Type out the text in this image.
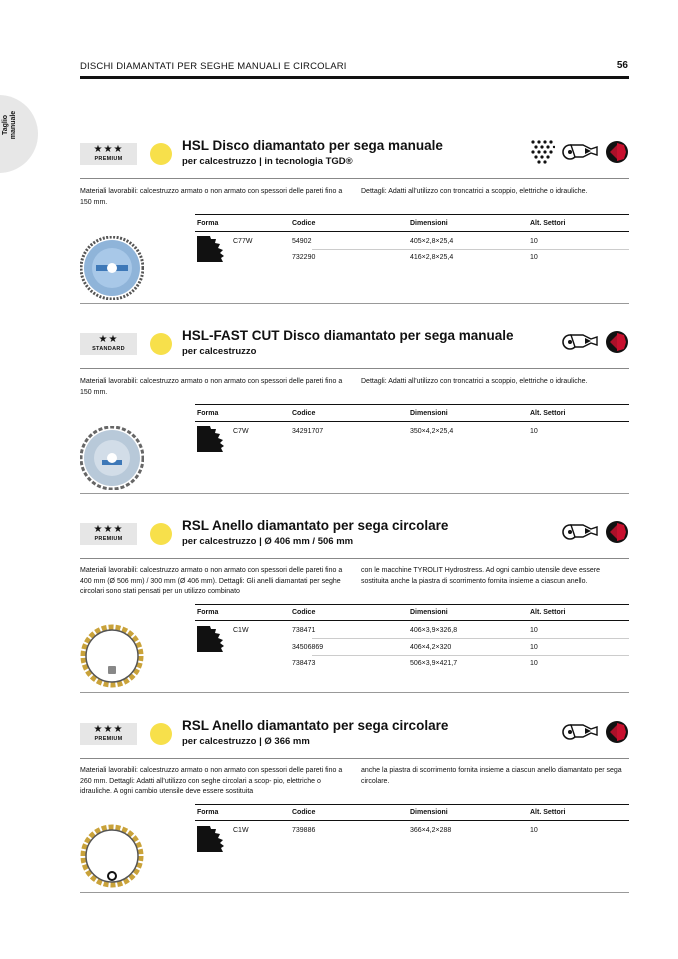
DISCHI DIAMANTATI PER SEGHE MANUALI E CIRCOLARI	56
Taglio manuale
★★★
PREMIUM
HSL Disco diamantato per sega manuale
per calcestruzzo | in tecnologia TGD®
Materiali lavorabili: calcestruzzo armato o non armato con spessori delle pareti fino a 150 mm.
Dettagli: Adatti all’utilizzo con troncatrici a scoppio, elettriche o idrauliche.
Forma	Codice	Dimensioni	Alt. Settori
C77W	54902	405×2,8×25,4	10
732290	416×2,8×25,4	10
★★
STANDARD
HSL-FAST CUT Disco diamantato per sega manuale
per calcestruzzo
Materiali lavorabili: calcestruzzo armato o non armato con spessori delle pareti fino a 150 mm.
Dettagli: Adatti all’utilizzo con troncatrici a scoppio, elettriche o idrauliche.
Forma	Codice	Dimensioni	Alt. Settori
C7W	34291707	350×4,2×25,4	10
★★★
PREMIUM
RSL Anello diamantato per sega circolare
per calcestruzzo | Ø 406 mm / 506 mm
Materiali lavorabili: calcestruzzo armato o non armato con spessori delle pareti fino a 400 mm (Ø 506 mm) / 300 mm (Ø 406 mm). Dettagli: Gli anelli diamantati per seghe circolari sono stati pensati per un utilizzo combinato
con le macchine TYROLIT Hydrostress. Ad ogni cambio utensile deve essere sostituita anche la piastra di scorrimento fornita insieme a ciascun anello.
Forma	Codice	Dimensioni	Alt. Settori
C1W	738471	406×3,9×326,8	10
34506869	406×4,2×320	10
738473	506×3,9×421,7	10
★★★
PREMIUM
RSL Anello diamantato per sega circolare
per calcestruzzo | Ø 366 mm
Materiali lavorabili: calcestruzzo armato o non armato con spessori delle pareti fino a 260 mm. Dettagli: Adatti all’utilizzo con seghe circolari a scop- pio, elettriche o idrauliche. A ogni cambio utensile deve essere sostituita
anche la piastra di scorrimento fornita insieme a ciascun anello diamantato per sega circolare.
Forma	Codice	Dimensioni	Alt. Settori
C1W	739886	366×4,2×288	10
